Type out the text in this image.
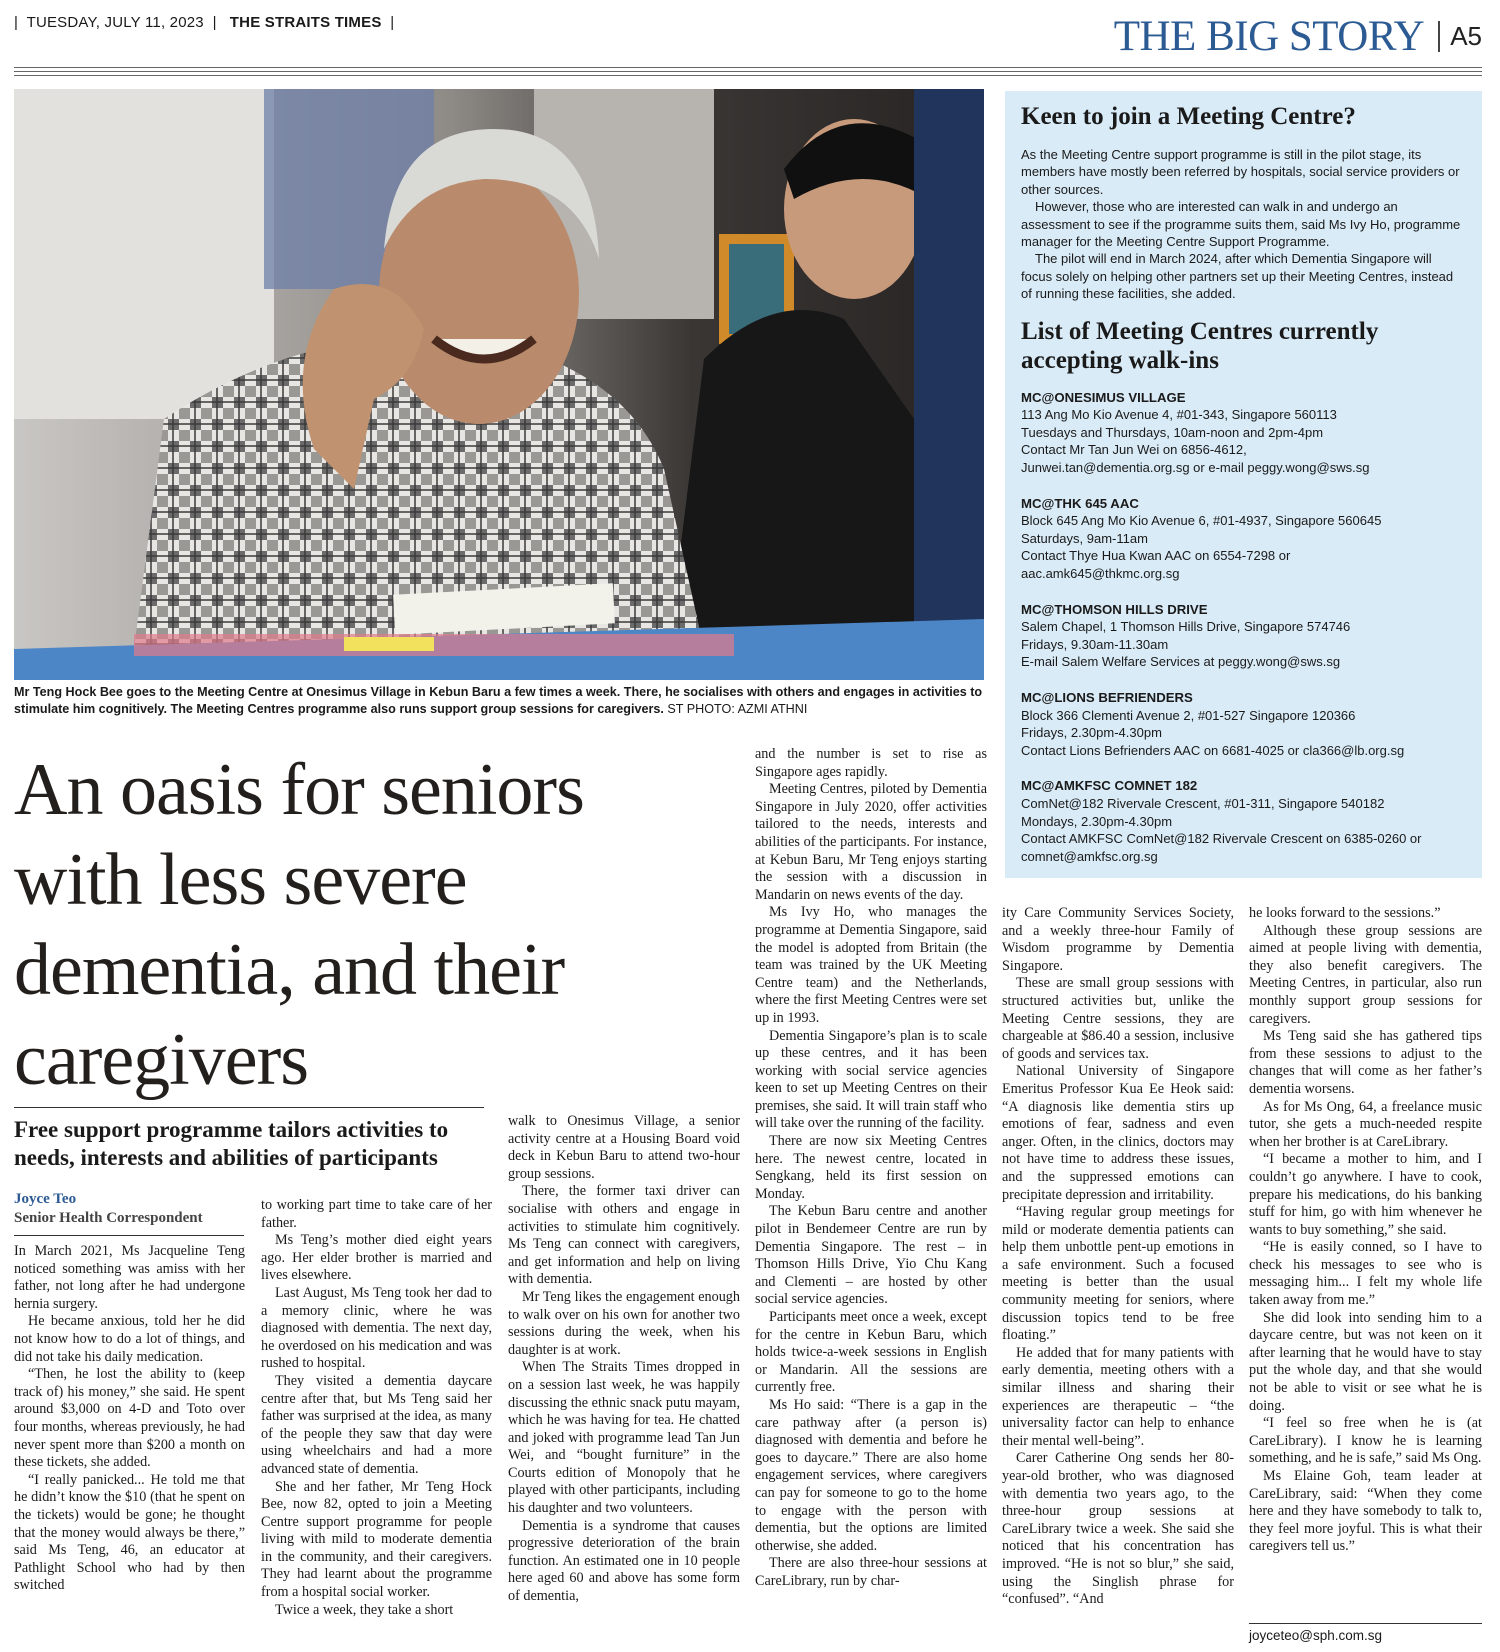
| TUESDAY, JULY 11, 2023  |   THE STRAITS TIMES  |	THE BIG STORY	A5
Mr Teng Hock Bee goes to the Meeting Centre at Onesimus Village in Kebun Baru a few times a week. There, he socialises with others and engages in activities to stimulate him cognitively. The Meeting Centres programme also runs support group sessions for caregivers. ST PHOTO: AZMI ATHNI
Keen to join a Meeting Centre?

As the Meeting Centre support programme is still in the pilot stage, its members have mostly been referred by hospitals, social service providers or other sources.

However, those who are interested can walk in and undergo an assessment to see if the programme suits them, said Ms Ivy Ho, programme manager for the Meeting Centre Support Programme.

The pilot will end in March 2024, after which Dementia Singapore will focus solely on helping other partners set up their Meeting Centres, instead of running these facilities, she added.

List of Meeting Centres currently accepting walk-ins
MC@ONESIMUS VILLAGE
113 Ang Mo Kio Avenue 4, #01-343, Singapore 560113
Tuesdays and Thursdays, 10am-noon and 2pm-4pm
Contact Mr Tan Jun Wei on 6856-4612,
Junwei.tan@dementia.org.sg or e-mail peggy.wong@sws.sg
MC@THK 645 AAC
Block 645 Ang Mo Kio Avenue 6, #01-4937, Singapore 560645
Saturdays, 9am-11am
Contact Thye Hua Kwan AAC on 6554-7298 or
aac.amk645@thkmc.org.sg
MC@THOMSON HILLS DRIVE
Salem Chapel, 1 Thomson Hills Drive, Singapore 574746
Fridays, 9.30am-11.30am
E-mail Salem Welfare Services at peggy.wong@sws.sg
MC@LIONS BEFRIENDERS
Block 366 Clementi Avenue 2, #01-527 Singapore 120366
Fridays, 2.30pm-4.30pm
Contact Lions Befrienders AAC on 6681-4025 or cla366@lb.org.sg
MC@AMKFSC COMNET 182
ComNet@182 Rivervale Crescent, #01-311, Singapore 540182
Mondays, 2.30pm-4.30pm
Contact AMKFSC ComNet@182 Rivervale Crescent on 6385-0260 or
comnet@amkfsc.org.sg
An oasis for seniors with less severe dementia, and their caregivers
Free support programme tailors activities to needs, interests and abilities of participants
Joyce Teo
Senior Health Correspondent

In March 2021, Ms Jacqueline Teng noticed something was amiss with her father, not long after he had undergone hernia surgery.

He became anxious, told her he did not know how to do a lot of things, and did not take his daily medication.

“Then, he lost the ability to (keep track of) his money,” she said. He spent around $3,000 on 4-D and Toto over four months, whereas previously, he had never spent more than $200 a month on these tickets, she added.

“I really panicked... He told me that he didn’t know the $10 (that he spent on the tickets) would be gone; he thought that the money would always be there,” said Ms Teng, 46, an educator at Pathlight School who had by then switched

to working part time to take care of her father.

Ms Teng’s mother died eight years ago. Her elder brother is married and lives elsewhere.

Last August, Ms Teng took her dad to a memory clinic, where he was diagnosed with dementia. The next day, he overdosed on his medication and was rushed to hospital.

They visited a dementia daycare centre after that, but Ms Teng said her father was surprised at the idea, as many of the people they saw that day were using wheelchairs and had a more advanced state of dementia.

She and her father, Mr Teng Hock Bee, now 82, opted to join a Meeting Centre support programme for people living with mild to moderate dementia in the community, and their caregivers. They had learnt about the programme from a hospital social worker.

Twice a week, they take a short

walk to Onesimus Village, a senior activity centre at a Housing Board void deck in Kebun Baru to attend two-hour group sessions.

There, the former taxi driver can socialise with others and engage in activities to stimulate him cognitively. Ms Teng can connect with caregivers, and get information and help on living with dementia.

Mr Teng likes the engagement enough to walk over on his own for another two sessions during the week, when his daughter is at work.

When The Straits Times dropped in on a session last week, he was happily discussing the ethnic snack putu mayam, which he was having for tea. He chatted and joked with programme lead Tan Jun Wei, and “bought furniture” in the Courts edition of Monopoly that he played with other participants, including his daughter and two volunteers.

Dementia is a syndrome that causes progressive deterioration of the brain function. An estimated one in 10 people here aged 60 and above has some form of dementia,

and the number is set to rise as Singapore ages rapidly.

Meeting Centres, piloted by Dementia Singapore in July 2020, offer activities tailored to the needs, interests and abilities of the participants. For instance, at Kebun Baru, Mr Teng enjoys starting the session with a discussion in Mandarin on news events of the day.

Ms Ivy Ho, who manages the programme at Dementia Singapore, said the model is adopted from Britain (the team was trained by the UK Meeting Centre team) and the Netherlands, where the first Meeting Centres were set up in 1993.

Dementia Singapore’s plan is to scale up these centres, and it has been working with social service agencies keen to set up Meeting Centres on their premises, she said. It will train staff who will take over the running of the facility.

There are now six Meeting Centres here. The newest centre, located in Sengkang, held its first session on Monday.

The Kebun Baru centre and another pilot in Bendemeer Centre are run by Dementia Singapore. The rest – in Thomson Hills Drive, Yio Chu Kang and Clementi – are hosted by other social service agencies.

Participants meet once a week, except for the centre in Kebun Baru, which holds twice-a-week sessions in English or Mandarin. All the sessions are currently free.

Ms Ho said: “There is a gap in the care pathway after (a person is) diagnosed with dementia and before he goes to daycare.” There are also home engagement services, where caregivers can pay for someone to go to the home to engage with the person with dementia, but the options are limited otherwise, she added.

There are also three-hour sessions at CareLibrary, run by char-

ity Care Community Services Society, and a weekly three-hour Family of Wisdom programme by Dementia Singapore.

These are small group sessions with structured activities but, unlike the Meeting Centre sessions, they are chargeable at $86.40 a session, inclusive of goods and services tax.

National University of Singapore Emeritus Professor Kua Ee Heok said: “A diagnosis like dementia stirs up emotions of fear, sadness and even anger. Often, in the clinics, doctors may not have time to address these issues, and the suppressed emotions can precipitate depression and irritability.

“Having regular group meetings for mild or moderate dementia patients can help them unbottle pent-up emotions in a safe environment. Such a focused meeting is better than the usual community meeting for seniors, where discussion topics tend to be free floating.”

He added that for many patients with early dementia, meeting others with a similar illness and sharing their experiences are therapeutic – “the universality factor can help to enhance their mental well-being”.

Carer Catherine Ong sends her 80-year-old brother, who was diagnosed with dementia two years ago, to the three-hour group sessions at CareLibrary twice a week. She said she noticed that his concentration has improved. “He is not so blur,” she said, using the Singlish phrase for “confused”. “And

he looks forward to the sessions.”

Although these group sessions are aimed at people living with dementia, they also benefit caregivers. The Meeting Centres, in particular, also run monthly support group sessions for caregivers.

Ms Teng said she has gathered tips from these sessions to adjust to the changes that will come as her father’s dementia worsens.

As for Ms Ong, 64, a freelance music tutor, she gets a much-needed respite when her brother is at CareLibrary.

“I became a mother to him, and I couldn’t go anywhere. I have to cook, prepare his medications, do his banking stuff for him, go with him whenever he wants to buy something,” she said.

“He is easily conned, so I have to check his messages to see who is messaging him... I felt my whole life taken away from me.”

She did look into sending him to a daycare centre, but was not keen on it after learning that he would have to stay put the whole day, and that she would not be able to visit or see what he is doing.

“I feel so free when he is (at CareLibrary). I know he is learning something, and he is safe,” said Ms Ong.

Ms Elaine Goh, team leader at CareLibrary, said: “When they come here and they have somebody to talk to, they feel more joyful. This is what their caregivers tell us.”

joyceteo@sph.com.sg
